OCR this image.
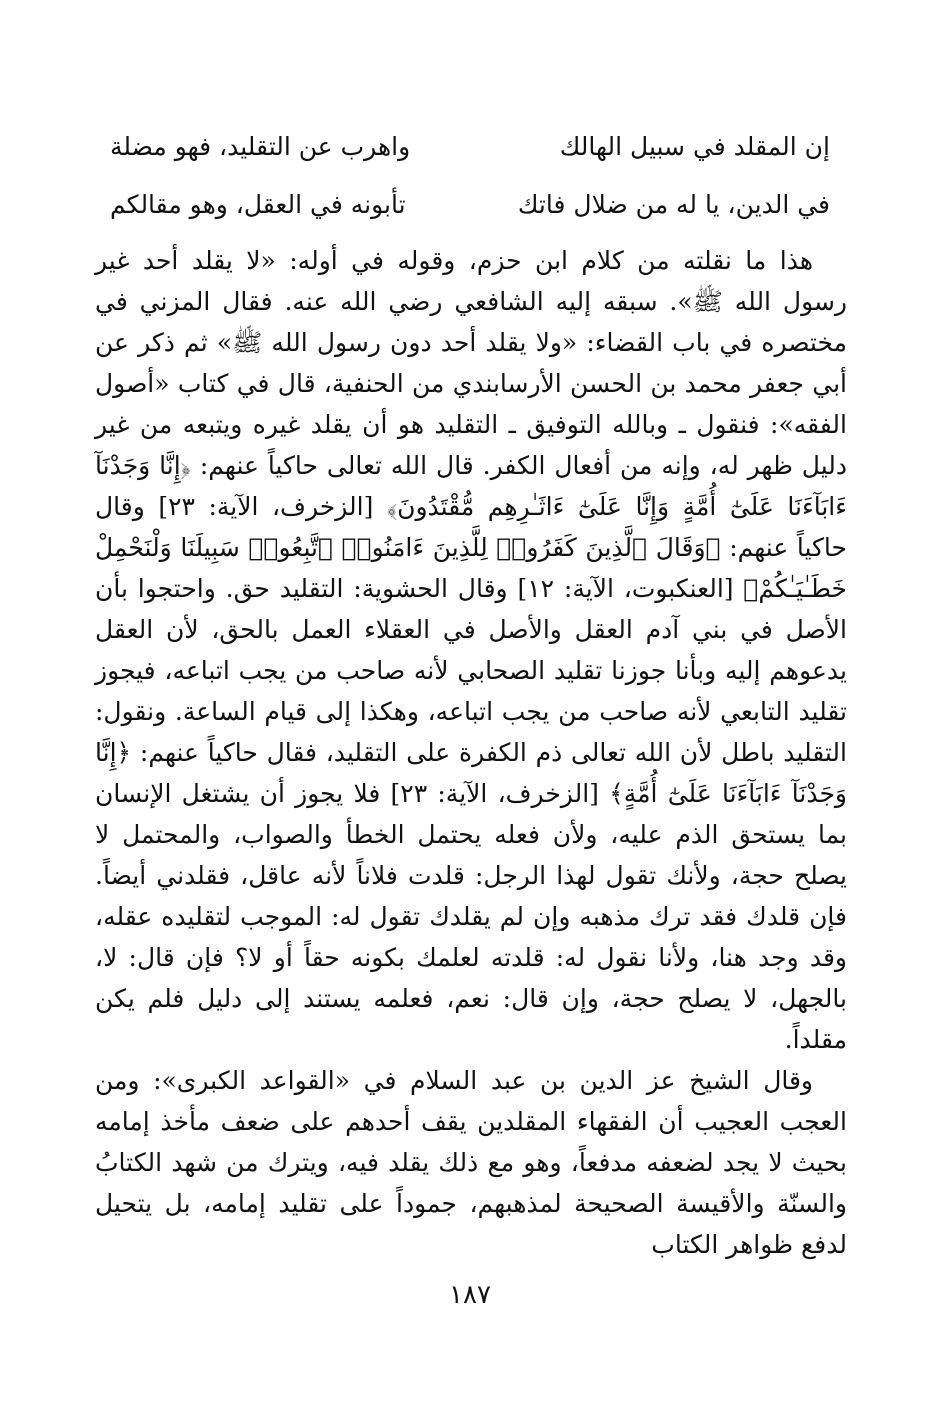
إن المقلد في سبيل الهالك
واهرب عن التقليد، فهو مضلة
في الدين، يا له من ضلال فاتك
تأبونه في العقل، وهو مقالكم

هذا ما نقلته من كلام ابن حزم، وقوله في أوله: «لا يقلد أحد غير رسول الله ﷺ». سبقه إليه الشافعي رضي الله عنه. فقال المزني في مختصره في باب القضاء: «ولا يقلد أحد دون رسول الله ﷺ» ثم ذكر عن أبي جعفر محمد بن الحسن الأرسابندي من الحنفية، قال في كتاب «أصول الفقه»: فنقول ـ وبالله التوفيق ـ التقليد هو أن يقلد غيره ويتبعه من غير دليل ظهر له، وإنه من أفعال الكفر. قال الله تعالى حاكياً عنهم: ﴿إِنَّا وَجَدْنَآ ءَابَآءَنَا عَلَىٰٓ أُمَّةٍ وَإِنَّا عَلَىٰٓ ءَاثَـٰرِهِم مُّقْتَدُونَ﴾ [الزخرف، الآية: ٢٣] وقال حاكياً عنهم: ﴿وَقَالَ ٱلَّذِينَ كَفَرُوا۟ لِلَّذِينَ ءَامَنُوا۟ ٱتَّبِعُوا۟ سَبِيلَنَا وَلْنَحْمِلْ خَطَـٰيَـٰكُمْ﴾ [العنكبوت، الآية: ١٢] وقال الحشوية: التقليد حق. واحتجوا بأن الأصل في بني آدم العقل والأصل في العقلاء العمل بالحق، لأن العقل يدعوهم إليه وبأنا جوزنا تقليد الصحابي لأنه صاحب من يجب اتباعه، فيجوز تقليد التابعي لأنه صاحب من يجب اتباعه، وهكذا إلى قيام الساعة. ونقول: التقليد باطل لأن الله تعالى ذم الكفرة على التقليد، فقال حاكياً عنهم: ﴿إِنَّا وَجَدْنَآ ءَابَآءَنَا عَلَىٰٓ أُمَّةٍ﴾ [الزخرف، الآية: ٢٣] فلا يجوز أن يشتغل الإنسان بما يستحق الذم عليه، ولأن فعله يحتمل الخطأ والصواب، والمحتمل لا يصلح حجة، ولأنك تقول لهذا الرجل: قلدت فلاناً لأنه عاقل، فقلدني أيضاً. فإن قلدك فقد ترك مذهبه وإن لم يقلدك تقول له: الموجب لتقليده عقله، وقد وجد هنا، ولأنا نقول له: قلدته لعلمك بكونه حقاً أو لا؟ فإن قال: لا، بالجهل، لا يصلح حجة، وإن قال: نعم، فعلمه يستند إلى دليل فلم يكن مقلداً.

وقال الشيخ عز الدين بن عبد السلام في «القواعد الكبرى»: ومن العجب العجيب أن الفقهاء المقلدين يقف أحدهم على ضعف مأخذ إمامه بحيث لا يجد لضعفه مدفعاً، وهو مع ذلك يقلد فيه، ويترك من شهد الكتابُ والسنّة والأقيسة الصحيحة لمذهبهم، جموداً على تقليد إمامه، بل يتحيل لدفع ظواهر الكتاب

١٨٧
